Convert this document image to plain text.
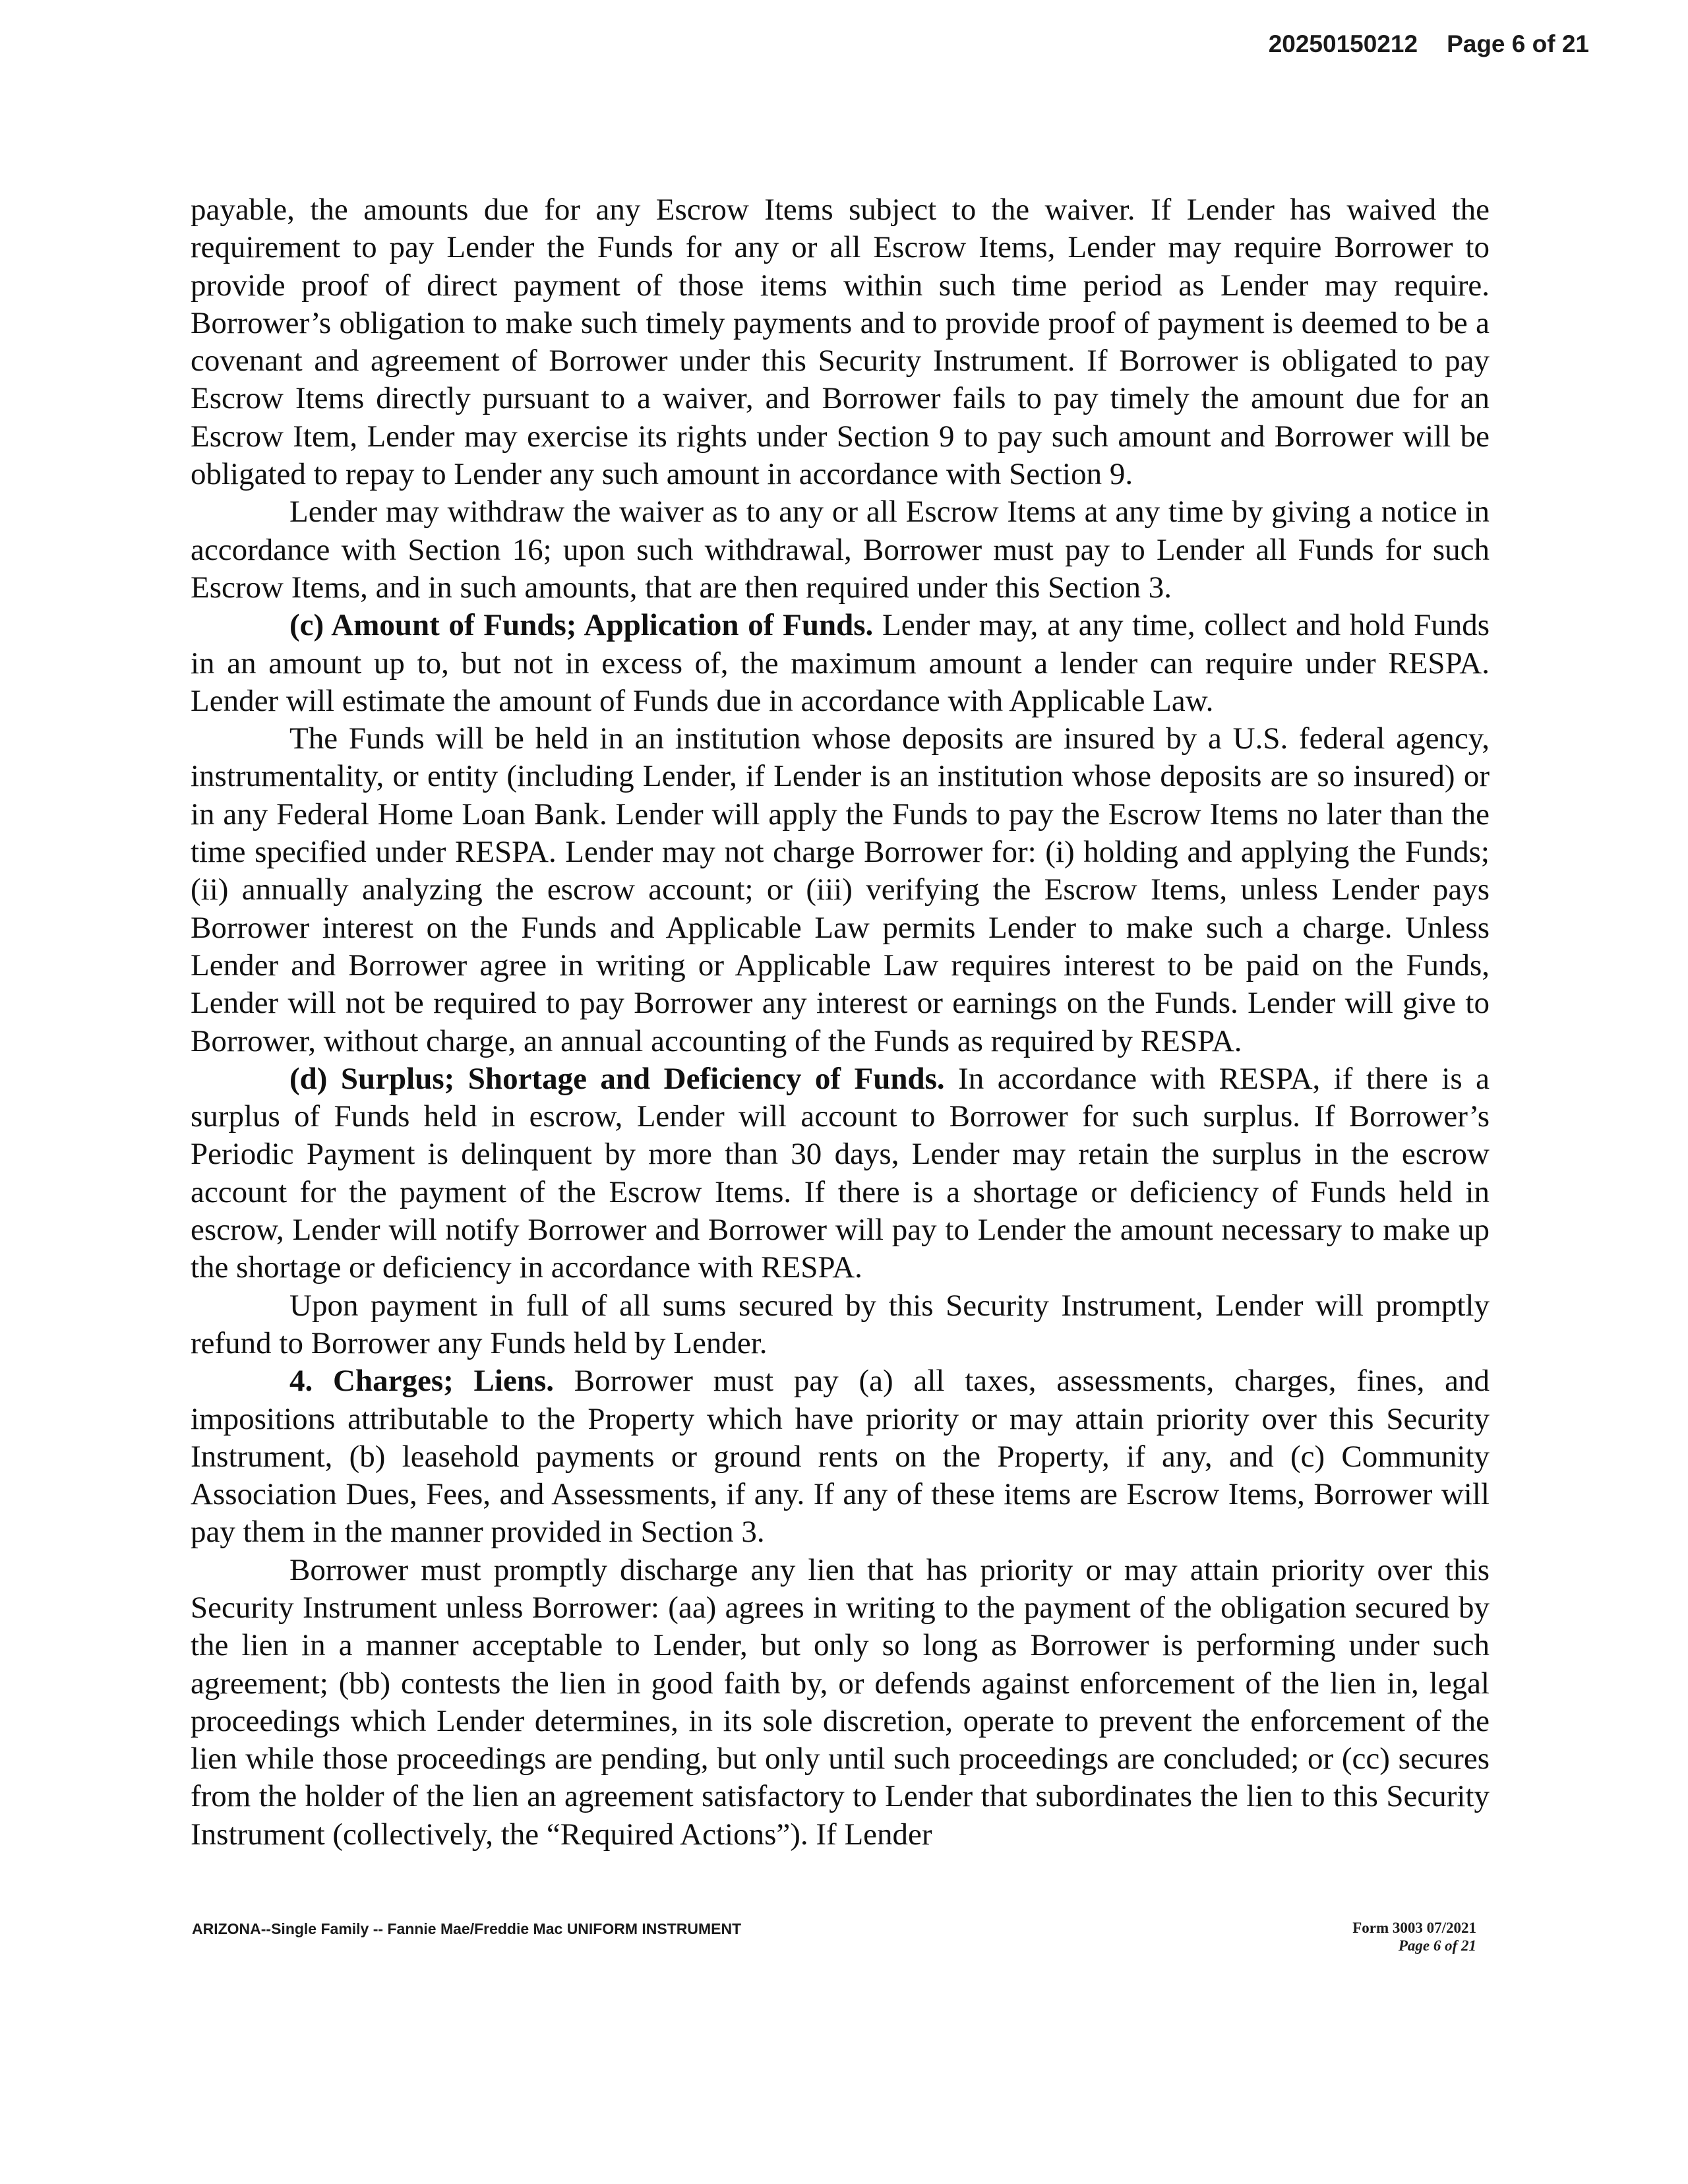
20250150212 Page 6 of 21

payable, the amounts due for any Escrow Items subject to the waiver. If Lender has waived the requirement to pay Lender the Funds for any or all Escrow Items, Lender may require Borrower to provide proof of direct payment of those items within such time period as Lender may require. Borrower’s obligation to make such timely payments and to provide proof of payment is deemed to be a covenant and agreement of Borrower under this Security Instrument. If Borrower is obligated to pay Escrow Items directly pursuant to a waiver, and Borrower fails to pay timely the amount due for an Escrow Item, Lender may exercise its rights under Section 9 to pay such amount and Borrower will be obligated to repay to Lender any such amount in accordance with Section 9.

Lender may withdraw the waiver as to any or all Escrow Items at any time by giving a notice in accordance with Section 16; upon such withdrawal, Borrower must pay to Lender all Funds for such Escrow Items, and in such amounts, that are then required under this Section 3.

(c) Amount of Funds; Application of Funds. Lender may, at any time, collect and hold Funds in an amount up to, but not in excess of, the maximum amount a lender can require under RESPA. Lender will estimate the amount of Funds due in accordance with Applicable Law.

The Funds will be held in an institution whose deposits are insured by a U.S. federal agency, instrumentality, or entity (including Lender, if Lender is an institution whose deposits are so insured) or in any Federal Home Loan Bank. Lender will apply the Funds to pay the Escrow Items no later than the time specified under RESPA. Lender may not charge Borrower for: (i) holding and applying the Funds; (ii) annually analyzing the escrow account; or (iii) verifying the Escrow Items, unless Lender pays Borrower interest on the Funds and Applicable Law permits Lender to make such a charge. Unless Lender and Borrower agree in writing or Applicable Law requires interest to be paid on the Funds, Lender will not be required to pay Borrower any interest or earnings on the Funds. Lender will give to Borrower, without charge, an annual accounting of the Funds as required by RESPA.

(d) Surplus; Shortage and Deficiency of Funds. In accordance with RESPA, if there is a surplus of Funds held in escrow, Lender will account to Borrower for such surplus. If Borrower’s Periodic Payment is delinquent by more than 30 days, Lender may retain the surplus in the escrow account for the payment of the Escrow Items. If there is a shortage or deficiency of Funds held in escrow, Lender will notify Borrower and Borrower will pay to Lender the amount necessary to make up the shortage or deficiency in accordance with RESPA.

Upon payment in full of all sums secured by this Security Instrument, Lender will promptly refund to Borrower any Funds held by Lender.

4. Charges; Liens. Borrower must pay (a) all taxes, assessments, charges, fines, and impositions attributable to the Property which have priority or may attain priority over this Security Instrument, (b) leasehold payments or ground rents on the Property, if any, and (c) Community Association Dues, Fees, and Assessments, if any. If any of these items are Escrow Items, Borrower will pay them in the manner provided in Section 3.

Borrower must promptly discharge any lien that has priority or may attain priority over this Security Instrument unless Borrower: (aa) agrees in writing to the payment of the obligation secured by the lien in a manner acceptable to Lender, but only so long as Borrower is performing under such agreement; (bb) contests the lien in good faith by, or defends against enforcement of the lien in, legal proceedings which Lender determines, in its sole discretion, operate to prevent the enforcement of the lien while those proceedings are pending, but only until such proceedings are concluded; or (cc) secures from the holder of the lien an agreement satisfactory to Lender that subordinates the lien to this Security Instrument (collectively, the “Required Actions”). If Lender

ARIZONA--Single Family -- Fannie Mae/Freddie Mac UNIFORM INSTRUMENT	Form 3003 07/2021
Page 6 of 21
